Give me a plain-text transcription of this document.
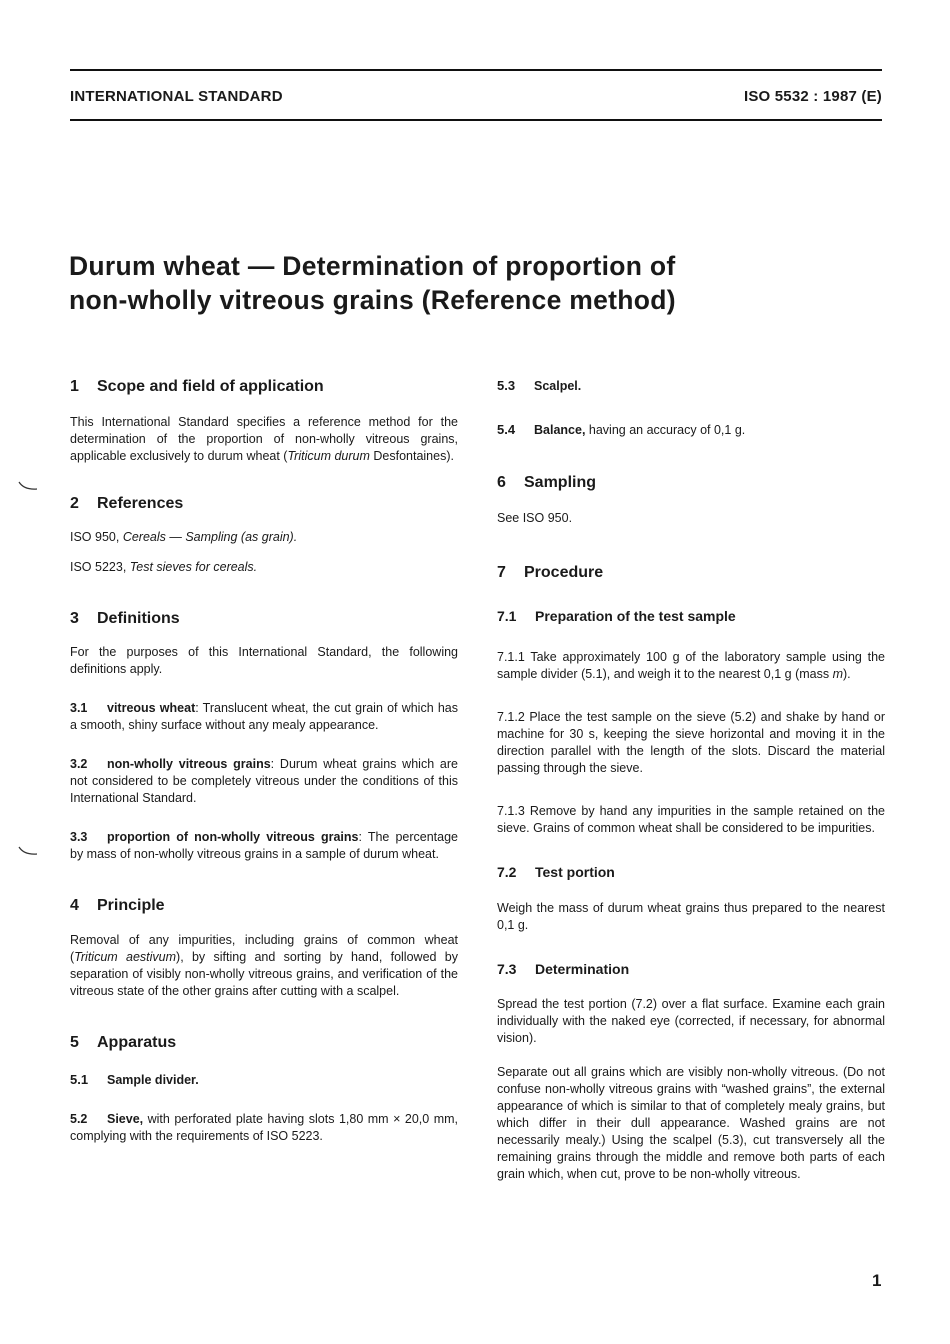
INTERNATIONAL STANDARD	ISO 5532 : 1987 (E)
Durum wheat — Determination of proportion of
non-wholly vitreous grains (Reference method)
1 Scope and field of application

This International Standard specifies a reference method for the determination of the proportion of non-wholly vitreous grains, applicable exclusively to durum wheat (Triticum durum Desfontaines).

2 References

ISO 950, Cereals — Sampling (as grain).

ISO 5223, Test sieves for cereals.

3 Definitions

For the purposes of this International Standard, the following definitions apply.

3.1 vitreous wheat: Translucent wheat, the cut grain of which has a smooth, shiny surface without any mealy appearance.

3.2 non-wholly vitreous grains: Durum wheat grains which are not considered to be completely vitreous under the conditions of this International Standard.

3.3 proportion of non-wholly vitreous grains: The percentage by mass of non-wholly vitreous grains in a sample of durum wheat.

4 Principle

Removal of any impurities, including grains of common wheat (Triticum aestivum), by sifting and sorting by hand, followed by separation of visibly non-wholly vitreous grains, and verification of the vitreous state of the other grains after cutting with a scalpel.

5 Apparatus

5.1 Sample divider.

5.2 Sieve, with perforated plate having slots 1,80 mm × 20,0 mm, complying with the requirements of ISO 5223.

5.3 Scalpel.

5.4 Balance, having an accuracy of 0,1 g.

6 Sampling

See ISO 950.

7 Procedure
7.1 Preparation of the test sample

7.1.1 Take approximately 100 g of the laboratory sample using the sample divider (5.1), and weigh it to the nearest 0,1 g (mass m).

7.1.2 Place the test sample on the sieve (5.2) and shake by hand or machine for 30 s, keeping the sieve horizontal and moving it in the direction parallel with the length of the slots. Discard the material passing through the sieve.

7.1.3 Remove by hand any impurities in the sample retained on the sieve. Grains of common wheat shall be considered to be impurities.

7.2 Test portion

Weigh the mass of durum wheat grains thus prepared to the nearest 0,1 g.

7.3 Determination

Spread the test portion (7.2) over a flat surface. Examine each grain individually with the naked eye (corrected, if necessary, for abnormal vision).

Separate out all grains which are visibly non-wholly vitreous. (Do not confuse non-wholly vitreous grains with “washed grains”, the external appearance of which is similar to that of completely mealy grains, but which differ in their dull appearance. Washed grains are not necessarily mealy.) Using the scalpel (5.3), cut transversely all the remaining grains through the middle and remove both parts of each grain which, when cut, prove to be non-wholly vitreous.

1
